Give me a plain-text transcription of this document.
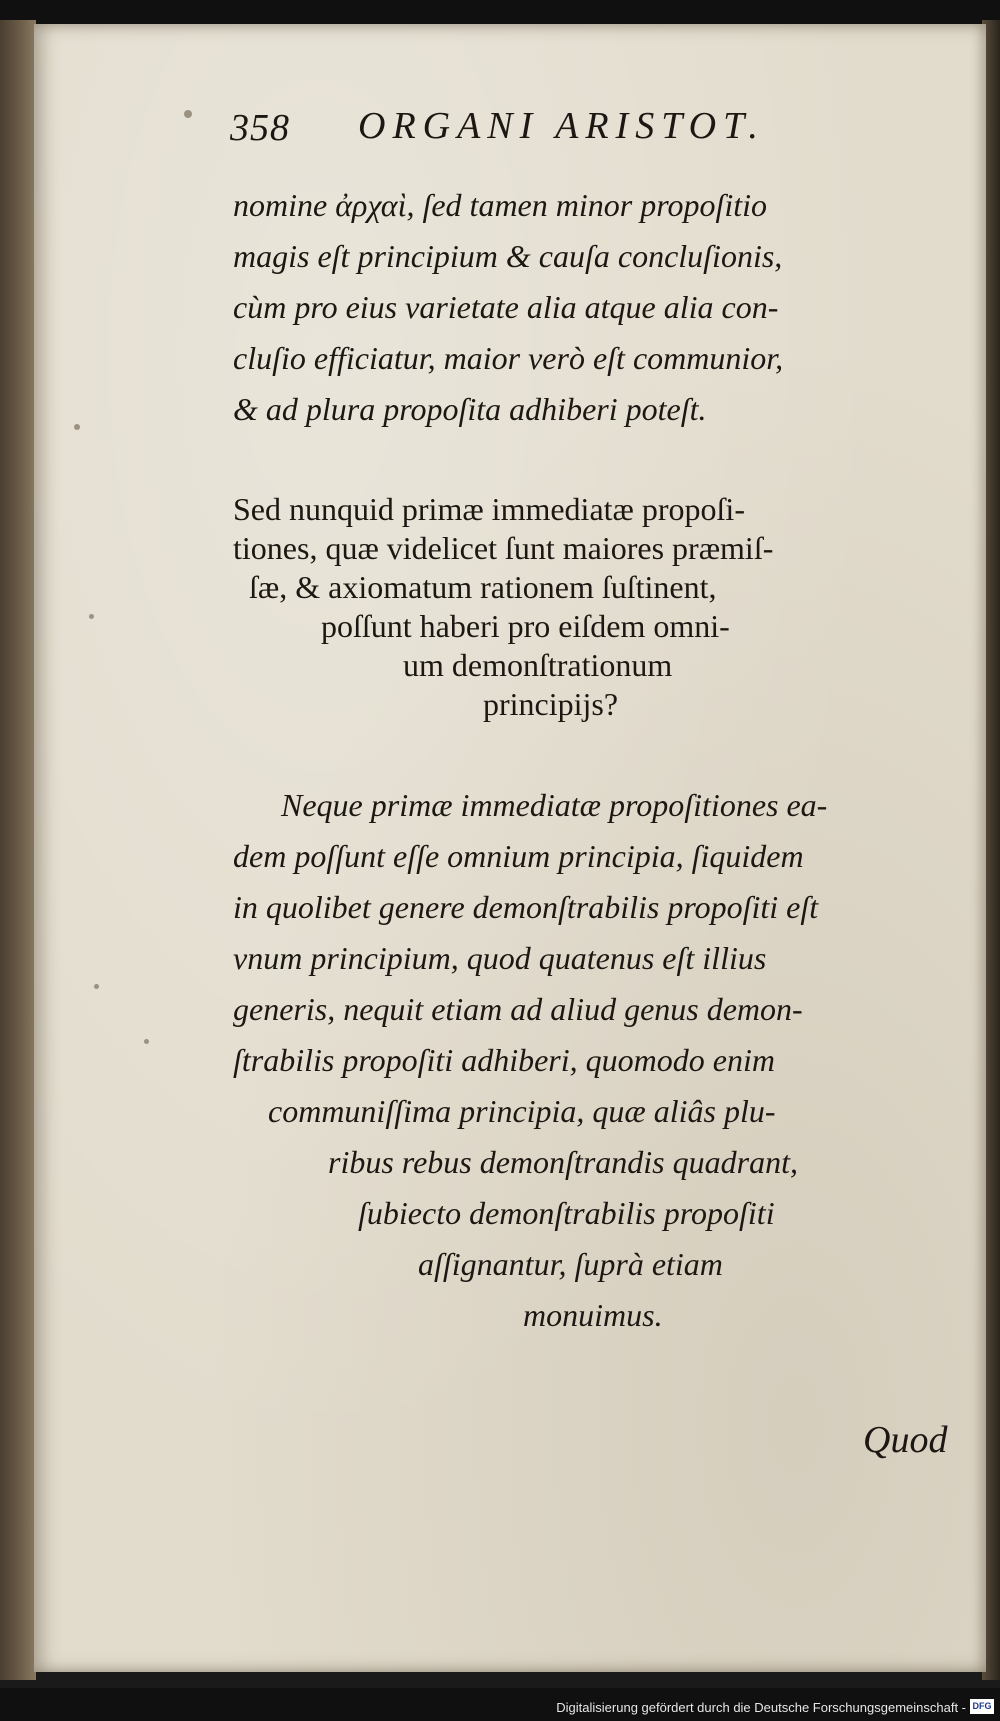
358 ORGANI ARISTOT.

nomine ἀρχαὶ, ſed tamen minor propoſitio
magis eſt principium & cauſa concluſionis,
cùm pro eius varietate alia atque alia con-
cluſio efficiatur, maior verò eſt communior,
& ad plura propoſita adhiberi poteſt.

Sed nunquid primæ immediatæ propoſi-
tiones, quæ videlicet ſunt maiores præmiſ-
ſæ, & axiomatum rationem ſuſtinent,
poſſunt haberi pro eiſdem omni-
um demonſtrationum
principijs?

Neque primæ immediatæ propoſitiones ea-
dem poſſunt eſſe omnium principia, ſiquidem
in quolibet genere demonſtrabilis propoſiti eſt
vnum principium, quod quatenus eſt illius
generis, nequit etiam ad aliud genus demon-
ſtrabilis propoſiti adhiberi, quomodo enim
communiſſima principia, quæ aliâs plu-
ribus rebus demonſtrandis quadrant,
ſubiecto demonſtrabilis propoſiti
aſſignantur, ſuprà etiam
monuimus.

Quod
Digitalisierung gefördert durch die Deutsche Forschungsgemeinschaft - DFG
